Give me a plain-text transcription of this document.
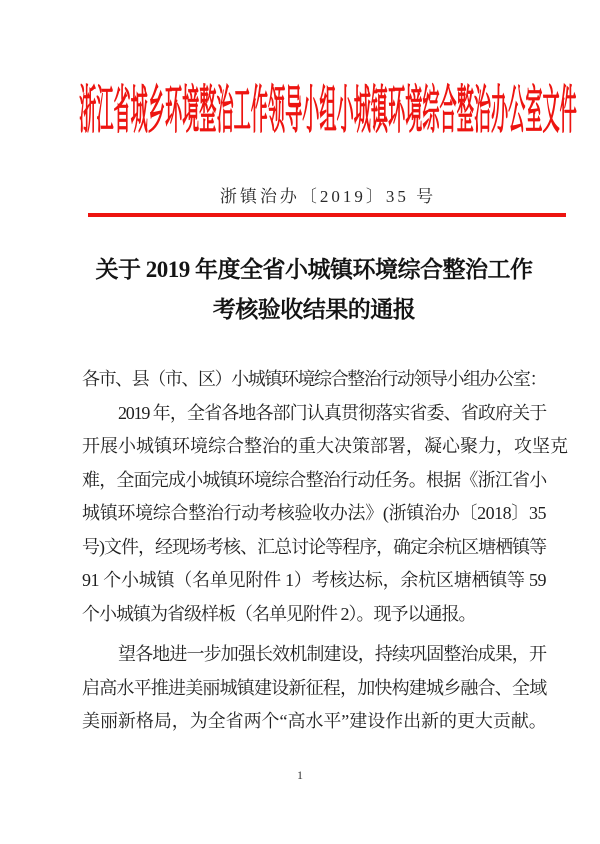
浙江省城乡环境整治工作领导小组小城镇环境综合整治办公室文件
浙镇治办〔2019〕35 号
关于 2019 年度全省小城镇环境综合整治工作
考核验收结果的通报
各市、县（市、区）小城镇环境综合整治行动领导小组办公室：
2019 年，全省各地各部门认真贯彻落实省委、省政府关于
开展小城镇环境综合整治的重大决策部署，凝心聚力，攻坚克
难，全面完成小城镇环境综合整治行动任务。根据《浙江省小
城镇环境综合整治行动考核验收办法》(浙镇治办〔2018〕35
号)文件，经现场考核、汇总讨论等程序，确定余杭区塘栖镇等
91 个小城镇（名单见附件 1）考核达标，余杭区塘栖镇等 59
个小城镇为省级样板（名单见附件 2）。现予以通报。
望各地进一步加强长效机制建设，持续巩固整治成果，开
启高水平推进美丽城镇建设新征程，加快构建城乡融合、全域
美丽新格局，为全省两个“高水平”建设作出新的更大贡献。
1
